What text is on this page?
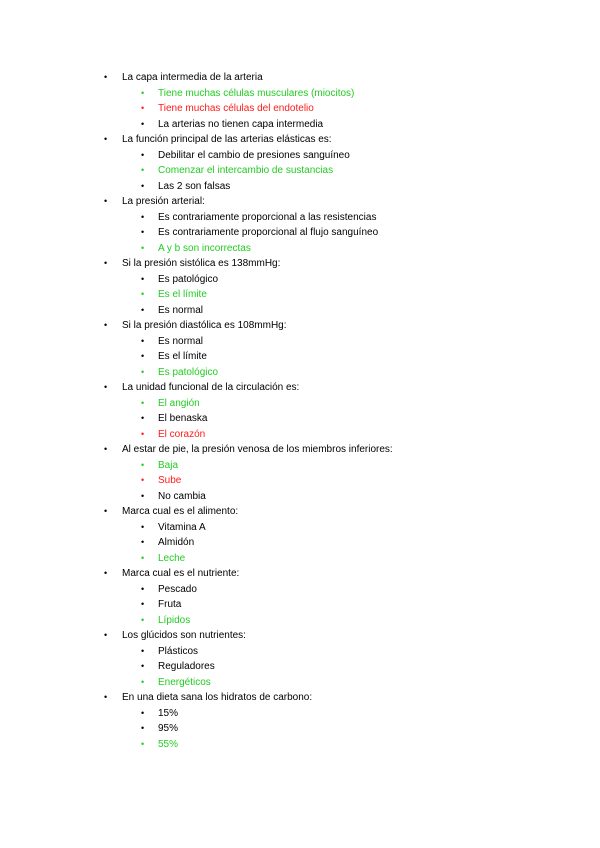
• La capa intermedia de la arteria
• Tiene muchas células musculares (miocitos)
• Tiene muchas células del endotelio
• La arterias no tienen capa intermedia
• La función principal de las arterias elásticas es:
• Debilitar el cambio de presiones sanguíneo
• Comenzar el intercambio de sustancias
• Las 2 son falsas
• La presión arterial:
• Es contrariamente proporcional a las resistencias
• Es contrariamente proporcional al flujo sanguíneo
• A y b son incorrectas
• Si la presión sistólica es 138mmHg:
• Es patológico
• Es el límite
• Es normal
• Si la presión diastólica es 108mmHg:
• Es normal
• Es el límite
• Es patológico
• La unidad funcional de la circulación es:
• El angión
• El benaska
• El corazón
• Al estar de pie, la presión venosa de los miembros inferiores:
• Baja
• Sube
• No cambia
• Marca cual es el alimento:
• Vitamina A
• Almidón
• Leche
• Marca cual es el nutriente:
• Pescado
• Fruta
• Lípidos
• Los glúcidos son nutrientes:
• Plásticos
• Reguladores
• Energéticos
• En una dieta sana los hidratos de carbono:
• 15%
• 95%
• 55%
